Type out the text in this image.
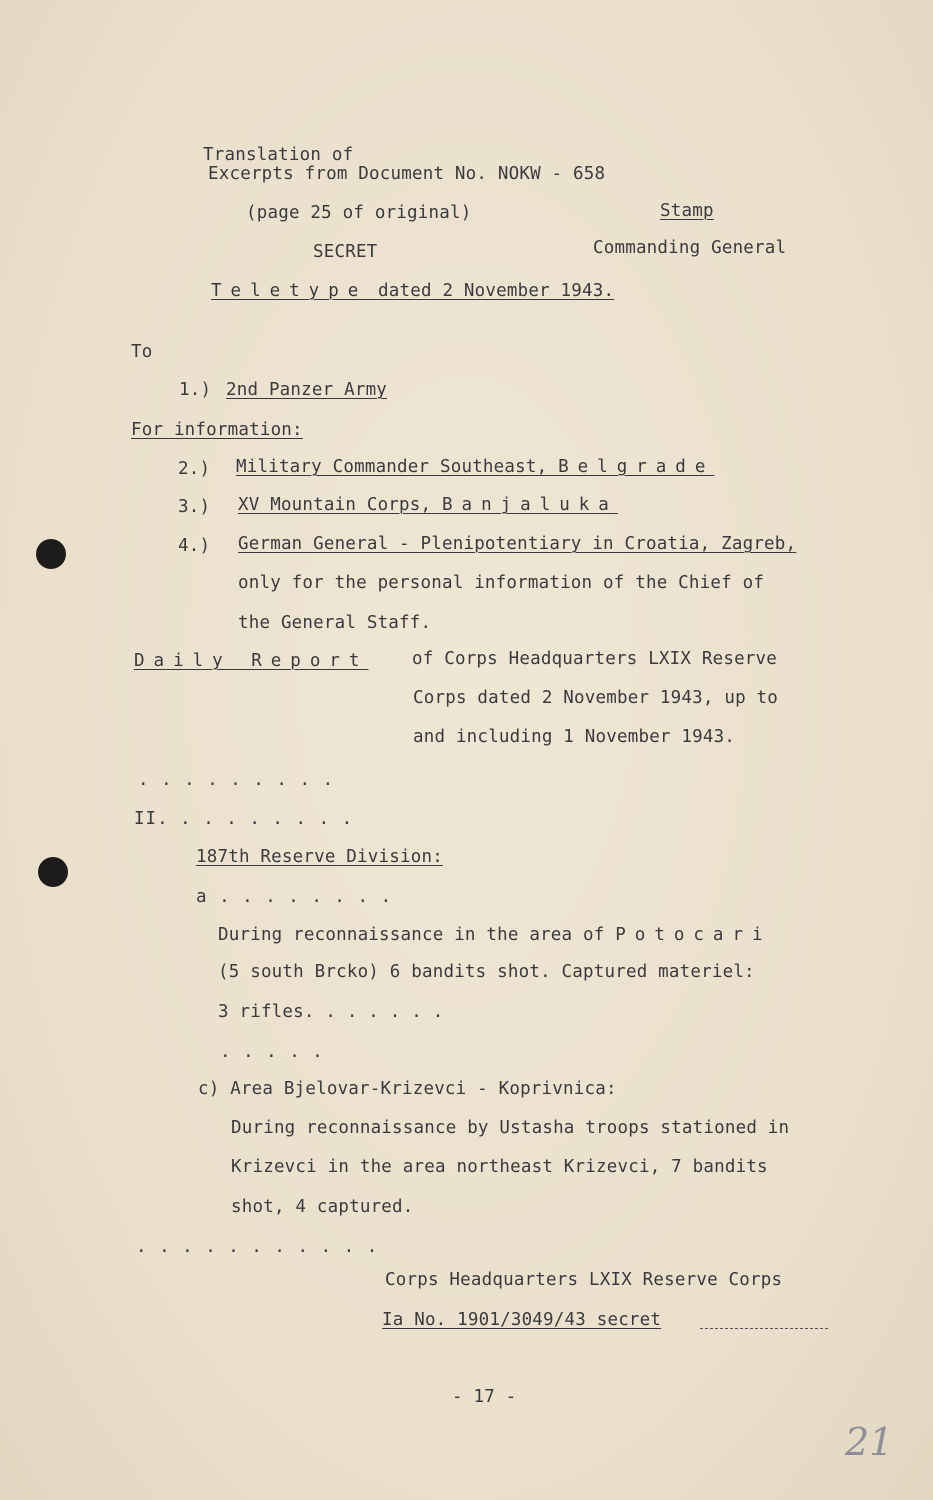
Translation of
Excerpts from Document No. NOKW - 658
(page 25 of original)	Stamp
SECRET	Commanding General
Teletype dated 2 November 1943.
To
1.) 2nd Panzer Army
For information:
2.) Military Commander Southeast, Belgrade
3.) XV Mountain Corps, Banjaluka
4.) German General - Plenipotentiary in Croatia, Zagreb,
only for the personal information of the Chief of
the General Staff.
Daily Report of Corps Headquarters LXIX Reserve
Corps dated 2 November 1943, up to
and including 1 November 1943.
. . . . . . . . .
II. . . . . . . . .
187th Reserve Division:
a . . . . . . . .
During reconnaissance in the area of Potocari
(5 south Brcko) 6 bandits shot. Captured materiel:
3 rifles. . . . . . .
. . . . .
c) Area Bjelovar-Krizevci - Koprivnica:
During reconnaissance by Ustasha troops stationed in
Krizevci in the area northeast Krizevci, 7 bandits
shot, 4 captured.
. . . . . . . . . . .
Corps Headquarters LXIX Reserve Corps
Ia No. 1901/3049/43 secret
- 17 -
21
